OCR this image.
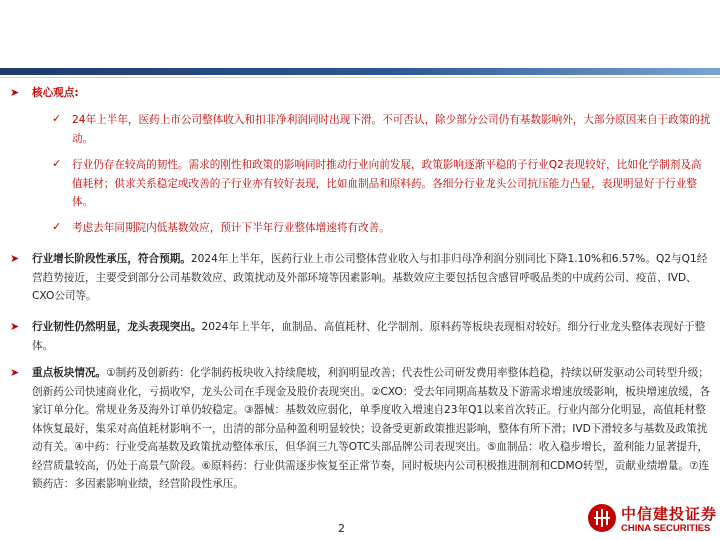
➤ 核心观点:
✓ 24年上半年，医药上市公司整体收入和扣非净利润同时出现下滑。不可否认，除少部分公司仍有基数影响外，大部分原因来自于政策的扰动。
✓ 行业仍存在较高的韧性。需求的刚性和政策的影响同时推动行业向前发展，政策影响逐渐平稳的子行业Q2表现较好，比如化学制剂及高值耗材；供求关系稳定或改善的子行业亦有较好表现，比如血制品和原料药。各细分行业龙头公司抗压能力凸显，表现明显好于行业整体。
✓ 考虑去年同期院内低基数效应，预计下半年行业整体增速将有改善。
➤ 行业增长阶段性承压，符合预期。2024年上半年，医药行业上市公司整体营业收入与扣非归母净利润分别同比下降1.10%和6.57%。Q2与Q1经营趋势接近，主要受到部分公司基数效应、政策扰动及外部环境等因素影响。基数效应主要包括包含感冒呼吸品类的中成药公司、疫苗、IVD、CXO公司等。
➤ 行业韧性仍然明显，龙头表现突出。2024年上半年，血制品、高值耗材、化学制剂、原料药等板块表现相对较好。细分行业龙头整体表现好于整体。
➤ 重点板块情况。①制药及创新药：化学制药板块收入持续爬坡，利润明显改善；代表性公司研发费用率整体趋稳，持续以研发驱动公司转型升级；创新药公司快速商业化，亏损收窄，龙头公司在手现金及股价表现突出。②CXO：受去年同期高基数及下游需求增速放缓影响，板块增速放缓，各家订单分化。常规业务及海外订单仍较稳定。③器械：基数效应弱化，单季度收入增速自23年Q1以来首次转正。行业内部分化明显，高值耗材整体恢复最好，集采对高值耗材影响不一，出清的部分品种盈利明显较快；设备受更新政策推迟影响，整体有所下滑；IVD下滑较多与基数及政策扰动有关。④中药：行业受高基数及政策扰动整体承压，但华润三九等OTC头部品牌公司表现突出。⑤血制品：收入稳步增长，盈利能力显著提升，经营质量较高，仍处于高景气阶段。⑥原料药：行业供需逐步恢复至正常节奏，同时板块内公司积极推进制剂和CDMO转型，贡献业绩增量。⑦连锁药店：多因素影响业绩，经营阶段性承压。
2
中信建投证券
CHINA SECURITIES
